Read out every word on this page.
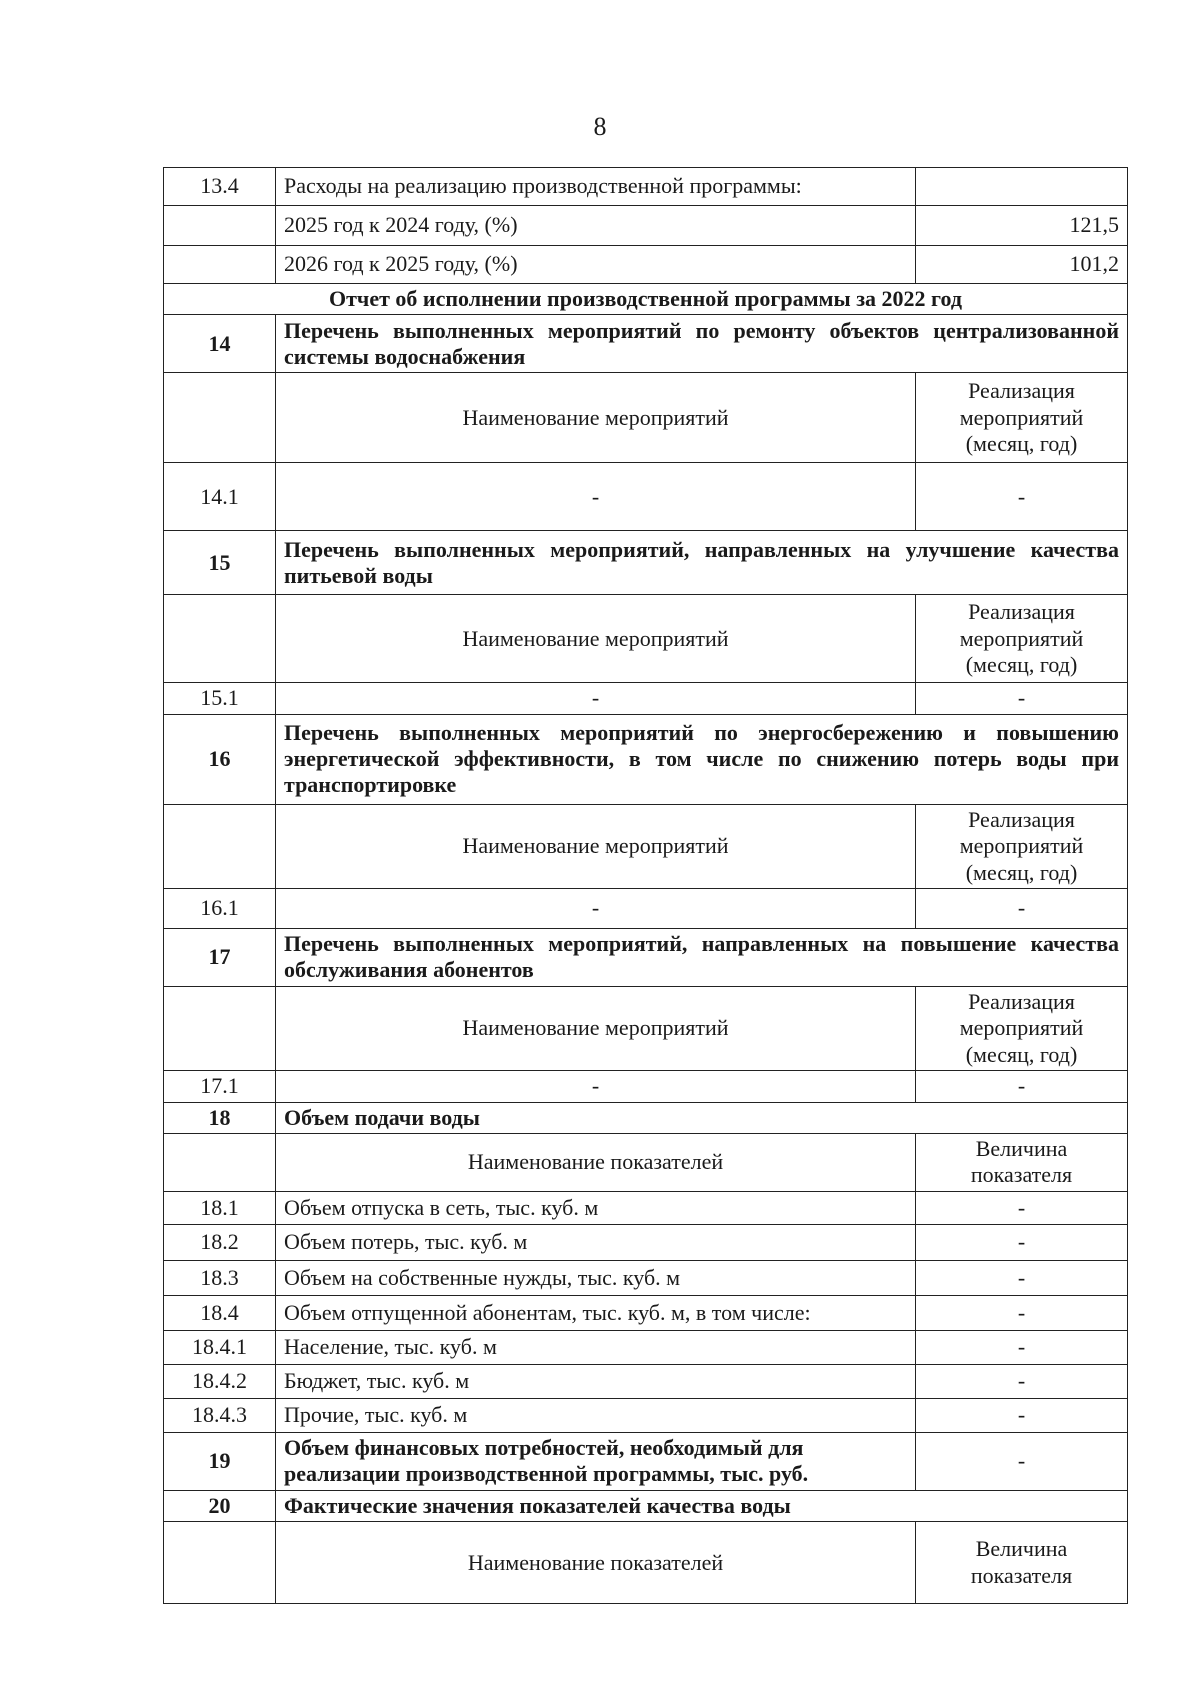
8
13.4	Расходы на реализацию производственной программы:	
	2025 год к 2024 году, (%)	121,5
	2026 год к 2025 году, (%)	101,2
Отчет об исполнении производственной программы за 2022 год		
14	Перечень выполненных мероприятий по ремонту объектов централизованной системы водоснабжения	
	Наименование мероприятий	Реализация мероприятий (месяц, год)
14.1	-	-
15	Перечень выполненных мероприятий, направленных на улучшение качества питьевой воды	
	Наименование мероприятий	Реализация мероприятий (месяц, год)
15.1	-	-
16	Перечень выполненных мероприятий по энергосбережению и повышению энергетической эффективности, в том числе по снижению потерь воды при транспортировке	
	Наименование мероприятий	Реализация мероприятий (месяц, год)
16.1	-	-
17	Перечень выполненных мероприятий, направленных на повышение качества обслуживания абонентов	
	Наименование мероприятий	Реализация мероприятий (месяц, год)
17.1	-	-
18	Объем подачи воды	
	Наименование показателей	Величина показателя
18.1	Объем отпуска в сеть, тыс. куб. м	-
18.2	Объем потерь, тыс. куб. м	-
18.3	Объем на собственные нужды, тыс. куб. м	-
18.4	Объем отпущенной абонентам, тыс. куб. м, в том числе:	-
18.4.1	Население, тыс. куб. м	-
18.4.2	Бюджет, тыс. куб. м	-
18.4.3	Прочие, тыс. куб. м	-
19	Объем финансовых потребностей, необходимый для реализации производственной программы, тыс. руб.	-
20	Фактические значения показателей качества воды	
	Наименование показателей	Величина показателя
